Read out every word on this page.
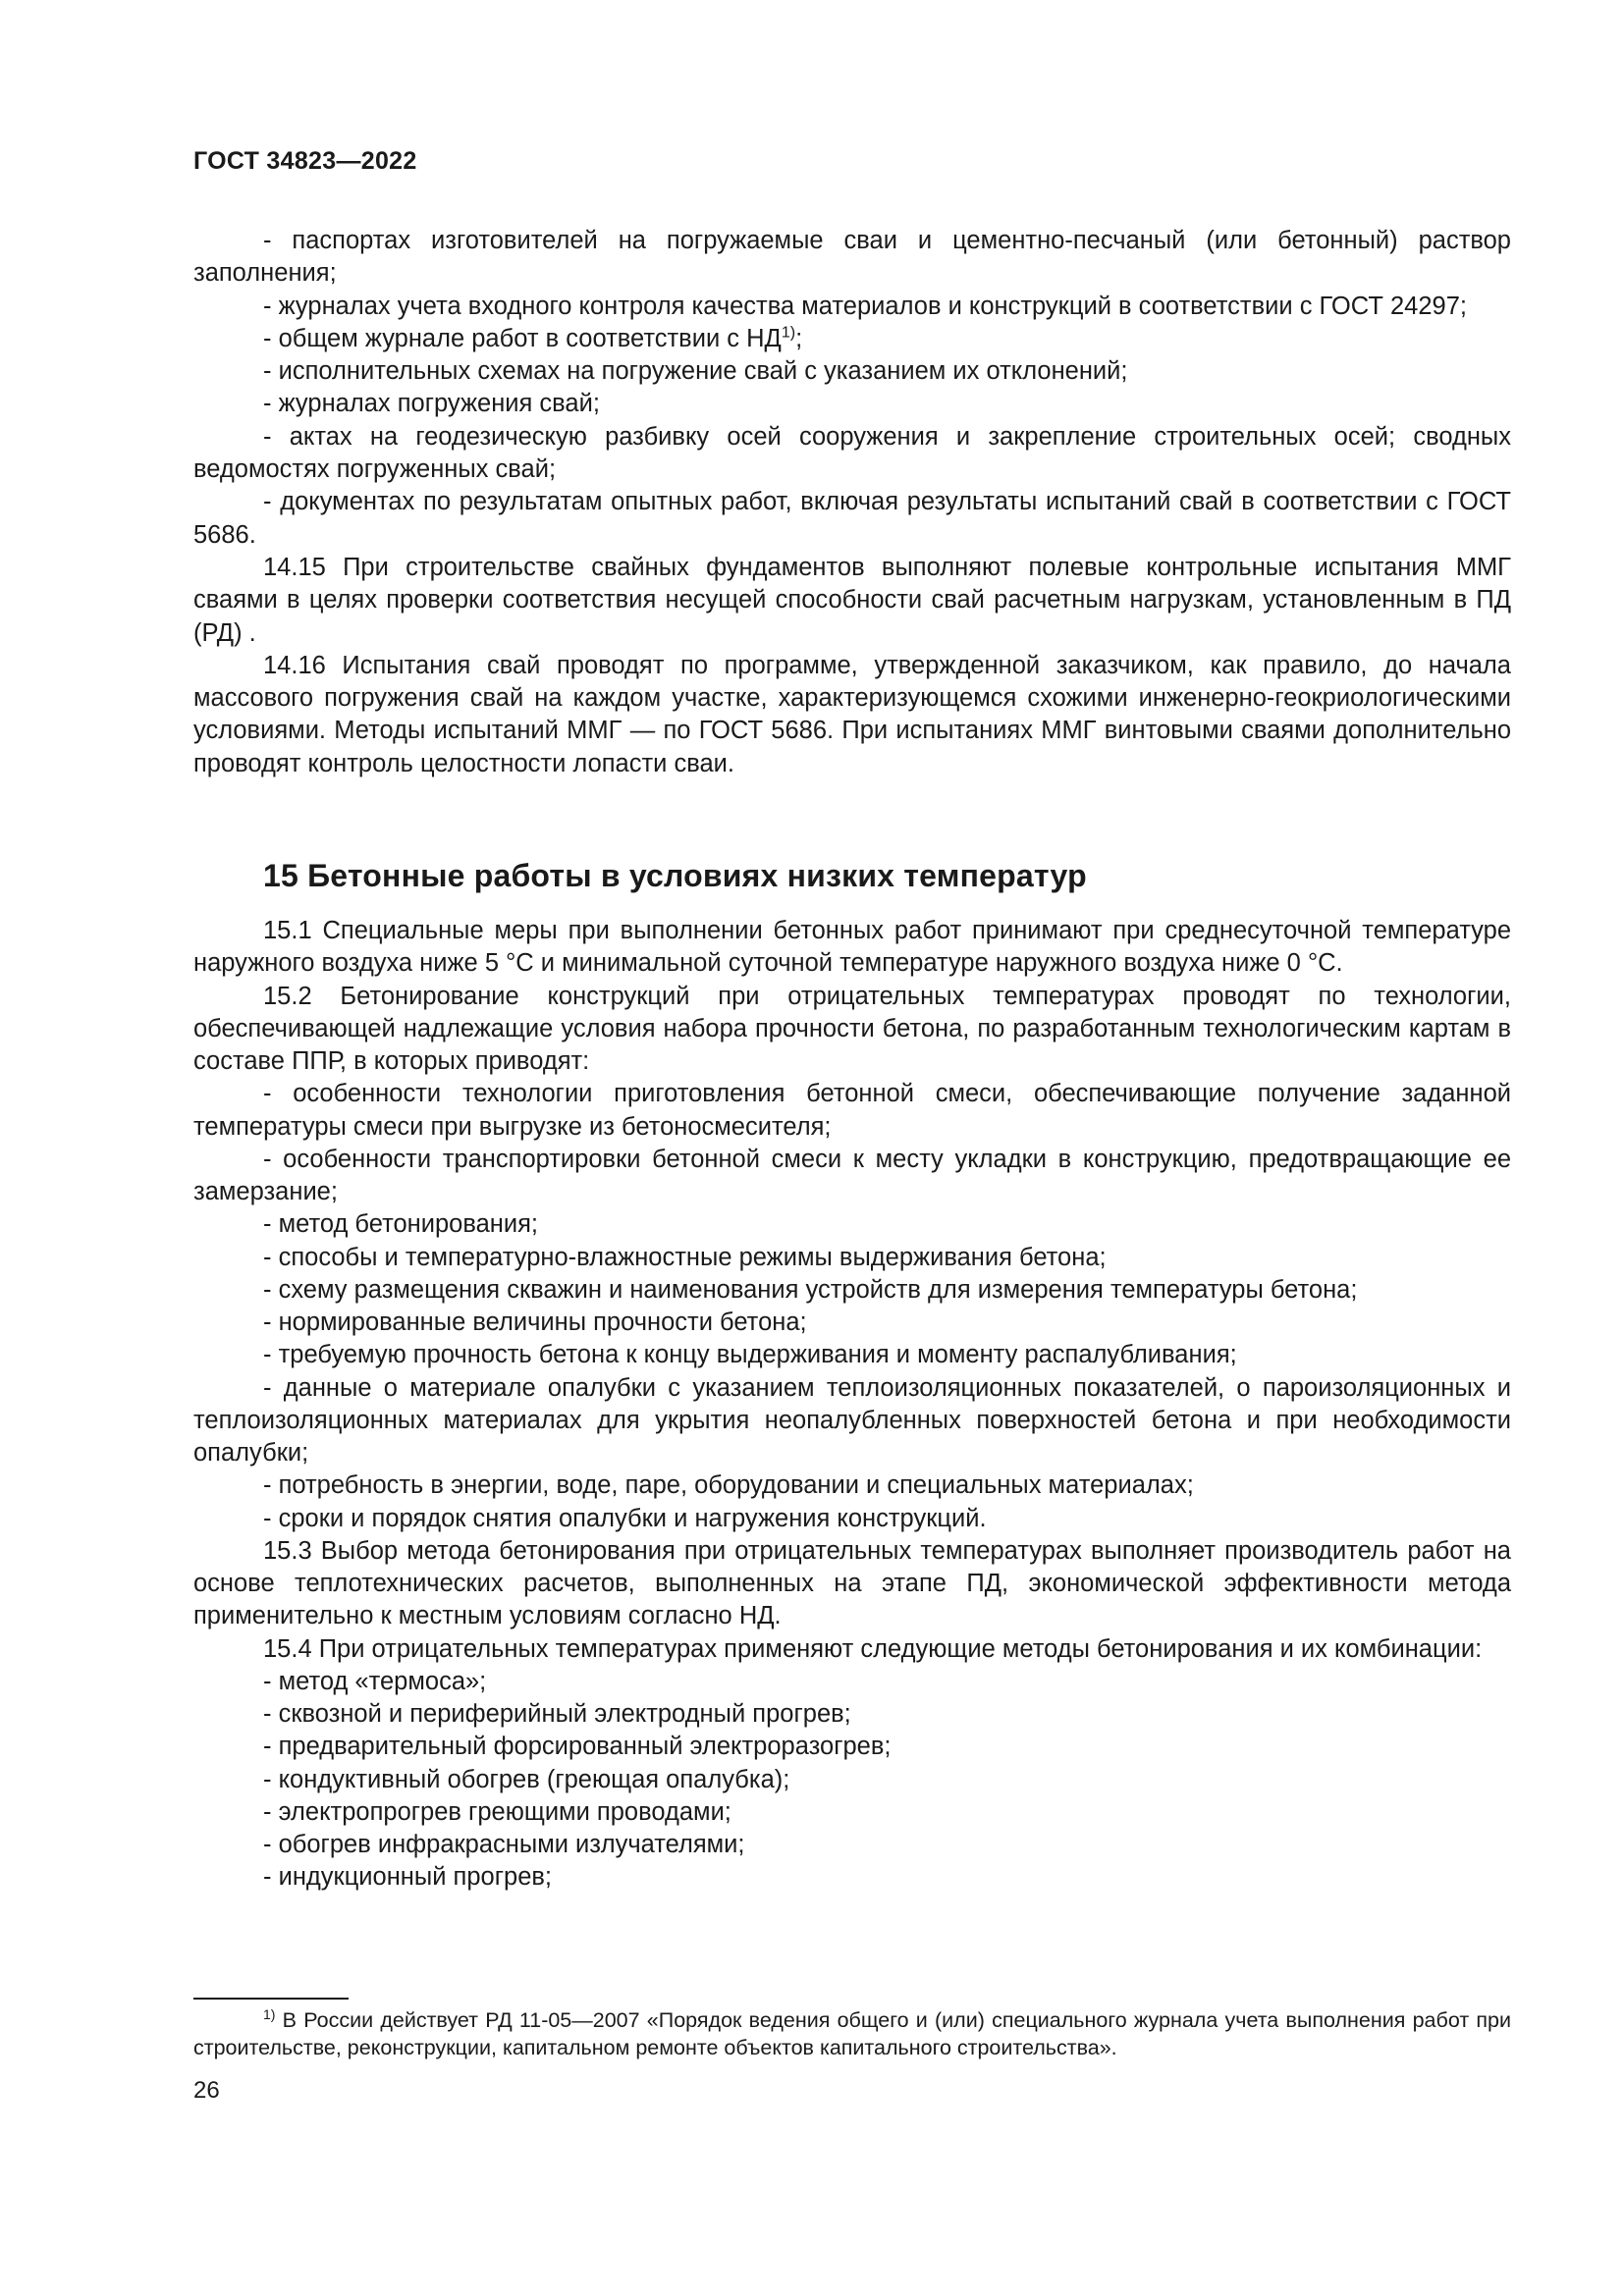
ГОСТ 34823—2022

- паспортах изготовителей на погружаемые сваи и цементно-песчаный (или бетонный) раствор заполнения;

- журналах учета входного контроля качества материалов и конструкций в соответствии с ГОСТ 24297;

- общем журнале работ в соответствии с НД$^{1)}$;

- исполнительных схемах на погружение свай с указанием их отклонений;

- журналах погружения свай;

- актах на геодезическую разбивку осей сооружения и закрепление строительных осей; сводных ведомостях погруженных свай;

- документах по результатам опытных работ, включая результаты испытаний свай в соответствии с ГОСТ 5686.

14.15 При строительстве свайных фундаментов выполняют полевые контрольные испытания ММГ сваями в целях проверки соответствия несущей способности свай расчетным нагрузкам, установленным в ПД (РД) .

14.16 Испытания свай проводят по программе, утвержденной заказчиком, как правило, до начала массового погружения свай на каждом участке, характеризующемся схожими инженерно-геокриологическими условиями. Методы испытаний ММГ — по ГОСТ 5686. При испытаниях ММГ винтовыми сваями дополнительно проводят контроль целостности лопасти сваи.

15 Бетонные работы в условиях низких температур

15.1 Специальные меры при выполнении бетонных работ принимают при среднесуточной температуре наружного воздуха ниже 5 °С и минимальной суточной температуре наружного воздуха ниже 0 °С.

15.2 Бетонирование конструкций при отрицательных температурах проводят по технологии, обеспечивающей надлежащие условия набора прочности бетона, по разработанным технологическим картам в составе ППР, в которых приводят:

- особенности технологии приготовления бетонной смеси, обеспечивающие получение заданной температуры смеси при выгрузке из бетоносмесителя;

- особенности транспортировки бетонной смеси к месту укладки в конструкцию, предотвращающие ее замерзание;

- метод бетонирования;

- способы и температурно-влажностные режимы выдерживания бетона;

- схему размещения скважин и наименования устройств для измерения температуры бетона;

- нормированные величины прочности бетона;

- требуемую прочность бетона к концу выдерживания и моменту распалубливания;

- данные о материале опалубки с указанием теплоизоляционных показателей, о пароизоляционных и теплоизоляционных материалах для укрытия неопалубленных поверхностей бетона и при необходимости опалубки;

- потребность в энергии, воде, паре, оборудовании и специальных материалах;

- сроки и порядок снятия опалубки и нагружения конструкций.

15.3 Выбор метода бетонирования при отрицательных температурах выполняет производитель работ на основе теплотехнических расчетов, выполненных на этапе ПД, экономической эффективности метода применительно к местным условиям согласно НД.

15.4 При отрицательных температурах применяют следующие методы бетонирования и их комбинации:

- метод «термоса»;

- сквозной и периферийный электродный прогрев;

- предварительный форсированный электроразогрев;

- кондуктивный обогрев (греющая опалубка);

- электропрогрев греющими проводами;

- обогрев инфракрасными излучателями;

- индукционный прогрев;

$^{1)}$ В России действует РД 11-05—2007 «Порядок ведения общего и (или) специального журнала учета выполнения работ при строительстве, реконструкции, капитальном ремонте объектов капитального строительства».
26
